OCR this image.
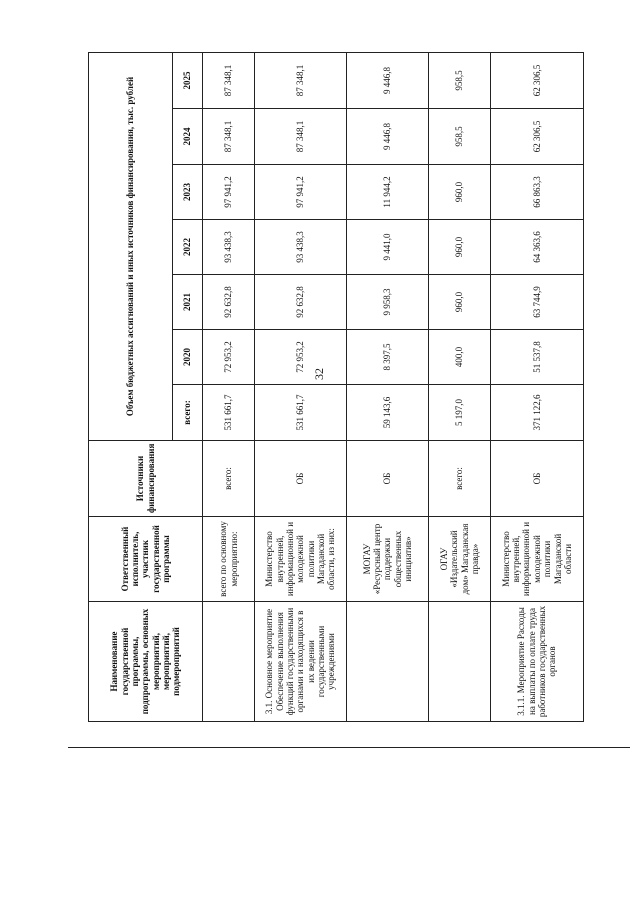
32
Наименование государственной программы, подпрограммы, основных мероприятий, мероприятий, подмероприятий	Ответственный исполнитель, участник государственной программы	Источники финансирования	Объем бюджетных ассигнований и иных источников финансирования, тыс. рублей						
			всего:	2020	2021	2022	2023	2024	2025
	всего по основному мероприятию:	всего:	531 661,7	72 953,2	92 632,8	93 438,3	97 941,2	87 348,1	87 348,1
3.1. Основное мероприятие Обеспечение выполнения функций государственными органами и находящихся в их ведении государственными учреждениями	Министерство внутренней, информационной и молодежной политики Магаданской области, из них:	ОБ	531 661,7	72 953,2	92 632,8	93 438,3	97 941,2	87 348,1	87 348,1
	МОГАУ «Ресурсный центр поддержки общественных инициатив»	ОБ	59 143,6	8 397,5	9 958,3	9 441,0	11 944,2	9 446,8	9 446,8
	ОГАУ «Издательский дом» Магаданская правда»	всего:	5 197,0	400,0	960,0	960,0	960,0	958,5	958,5
3.1.1. Мероприятие Расходы на выплаты по оплате труда работников государственных органов	Министерство внутренней, информационной и молодежной политики Магаданской области	ОБ	371 122,6	51 537,8	63 744,9	64 363,6	66 863,3	62 306,5	62 306,5
